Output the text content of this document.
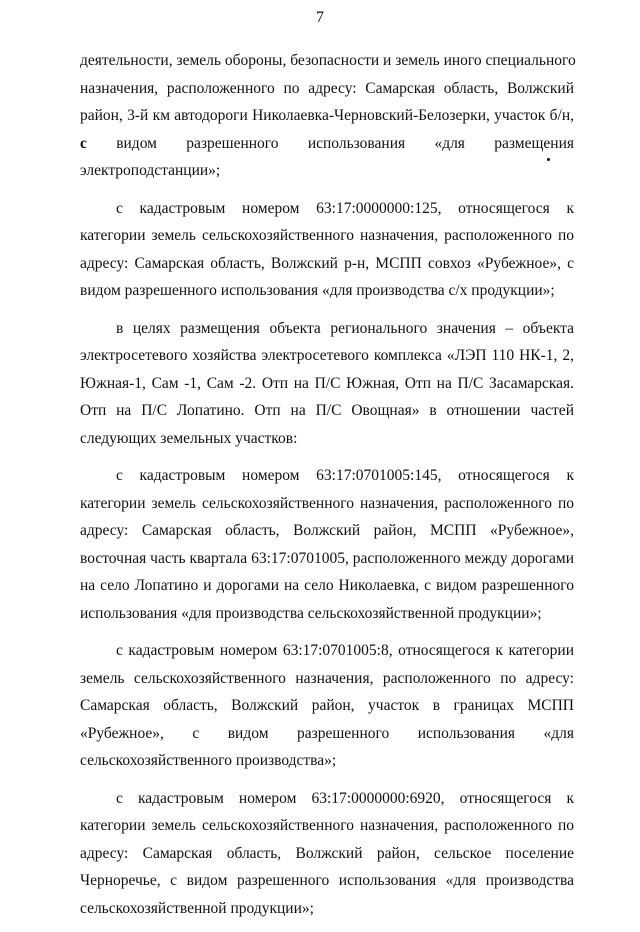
7
деятельности, земель обороны, безопасности и земель иного специального
назначения, расположенного по адресу: Самарская область, Волжский
район, 3-й км автодороги Николаевка-Черновский-Белозерки, участок б/н,
с видом разрешенного использования «для размещения
электроподстанции»;
с кадастровым номером 63:17:0000000:125, относящегося к
категории земель сельскохозяйственного назначения, расположенного по
адресу: Самарская область, Волжский р-н, МСПП совхоз «Рубежное», с
видом разрешенного использования «для производства с/х продукции»;
в целях размещения объекта регионального значения – объекта
электросетевого хозяйства электросетевого комплекса «ЛЭП 110 НК-1, 2,
Южная-1, Сам -1, Сам -2. Отп на П/С Южная, Отп на П/С Засамарская.
Отп на П/С Лопатино. Отп на П/С Овощная» в отношении частей
следующих земельных участков:
с кадастровым номером 63:17:0701005:145, относящегося к
категории земель сельскохозяйственного назначения, расположенного по
адресу: Самарская область, Волжский район, МСПП «Рубежное»,
восточная часть квартала 63:17:0701005, расположенного между дорогами
на село Лопатино и дорогами на село Николаевка, с видом разрешенного
использования «для производства сельскохозяйственной продукции»;
с кадастровым номером 63:17:0701005:8, относящегося к категории
земель сельскохозяйственного назначения, расположенного по адресу:
Самарская область, Волжский район, участок в границах МСПП
«Рубежное», с видом разрешенного использования «для
сельскохозяйственного производства»;
с кадастровым номером 63:17:0000000:6920, относящегося к
категории земель сельскохозяйственного назначения, расположенного по
адресу: Самарская область, Волжский район, сельское поселение
Черноречье, с видом разрешенного использования «для производства
сельскохозяйственной продукции»;
